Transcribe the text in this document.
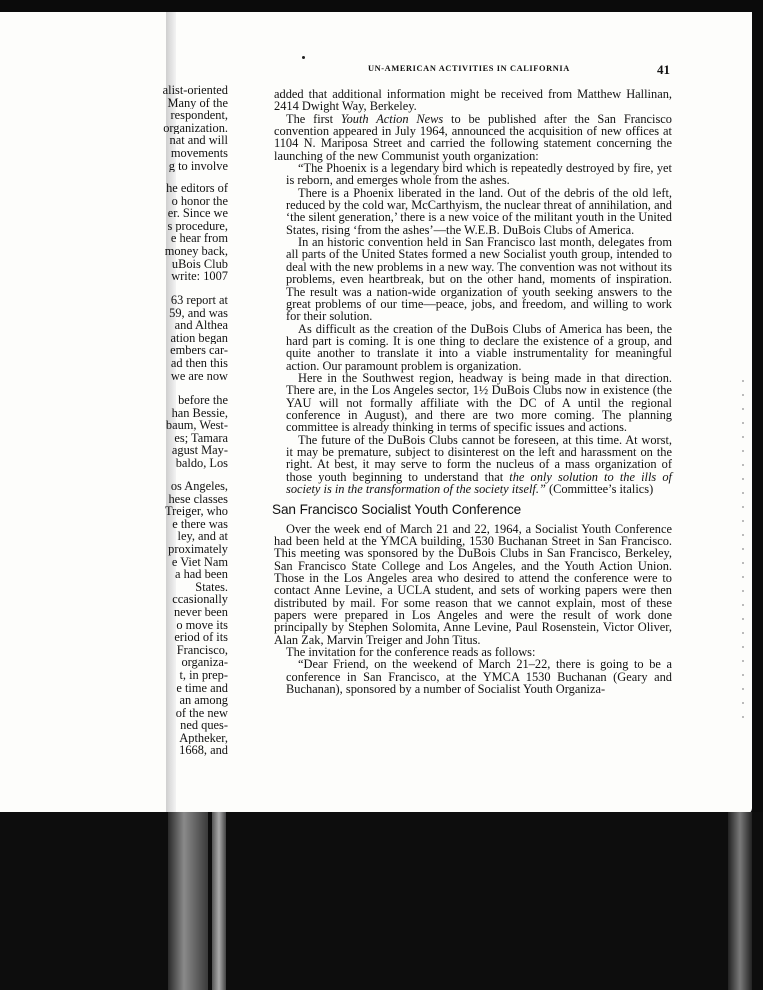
alist-oriented
Many of the
respondent,
organization.
nat and will
movements
g to involve
he editors of
o honor the
er. Since we
s procedure,
e hear from
money back,
uBois Club
write: 1007
63 report at
59, and was
and Althea
ation began
embers car-
ad then this
we are now
before the
han Bessie,
baum, West-
es; Tamara
agust May-
baldo, Los
os Angeles,
hese classes
Treiger, who
e there was
ley, and at
proximately
e Viet Nam
a had been
States.
ccasionally
never been
o move its
eriod of its
Francisco,
organiza-
t, in prep-
e time and
an among
of the new
ned ques-
Aptheker,
1668, and
UN-AMERICAN ACTIVITIES IN CALIFORNIA	41

added that additional information might be received from Matthew Hallinan, 2414 Dwight Way, Berkeley.

The first Youth Action News to be published after the San Francisco convention appeared in July 1964, announced the acquisition of new offices at 1104 N. Mariposa Street and carried the following statement concerning the launching of the new Communist youth organization:

“The Phoenix is a legendary bird which is repeatedly destroyed by fire, yet is reborn, and emerges whole from the ashes.

There is a Phoenix liberated in the land. Out of the debris of the old left, reduced by the cold war, McCarthyism, the nuclear threat of annihilation, and ‘the silent generation,’ there is a new voice of the militant youth in the United States, rising ‘from the ashes’—the W.E.B. DuBois Clubs of America.

In an historic convention held in San Francisco last month, delegates from all parts of the United States formed a new Socialist youth group, intended to deal with the new problems in a new way. The convention was not without its problems, even heartbreak, but on the other hand, moments of inspiration. The result was a nation-wide organization of youth seeking answers to the great problems of our time—peace, jobs, and freedom, and willing to work for their solution.

As difficult as the creation of the DuBois Clubs of America has been, the hard part is coming. It is one thing to declare the existence of a group, and quite another to translate it into a viable instrumentality for meaningful action. Our paramount problem is organization.

Here in the Southwest region, headway is being made in that direction. There are, in the Los Angeles sector, 1½ DuBois Clubs now in existence (the YAU will not formally affiliate with the DC of A until the regional conference in August), and there are two more coming. The planning committee is already thinking in terms of specific issues and actions.

The future of the DuBois Clubs cannot be foreseen, at this time. At worst, it may be premature, subject to disinterest on the left and harassment on the right. At best, it may serve to form the nucleus of a mass organization of those youth beginning to understand that the only solution to the ills of society is in the transformation of the society itself.” (Committee’s italics)

San Francisco Socialist Youth Conference

Over the week end of March 21 and 22, 1964, a Socialist Youth Conference had been held at the YMCA building, 1530 Buchanan Street in San Francisco. This meeting was sponsored by the DuBois Clubs in San Francisco, Berkeley, San Francisco State College and Los Angeles, and the Youth Action Union. Those in the Los Angeles area who desired to attend the conference were to contact Anne Levine, a UCLA student, and sets of working papers were then distributed by mail. For some reason that we cannot explain, most of these papers were prepared in Los Angeles and were the result of work done principally by Stephen Solomita, Anne Levine, Paul Rosenstein, Victor Oliver, Alan Zak, Marvin Treiger and John Titus.

The invitation for the conference reads as follows:

“Dear Friend, on the weekend of March 21–22, there is going to be a conference in San Francisco, at the YMCA 1530 Buchanan (Geary and Buchanan), sponsored by a number of Socialist Youth Organiza-
